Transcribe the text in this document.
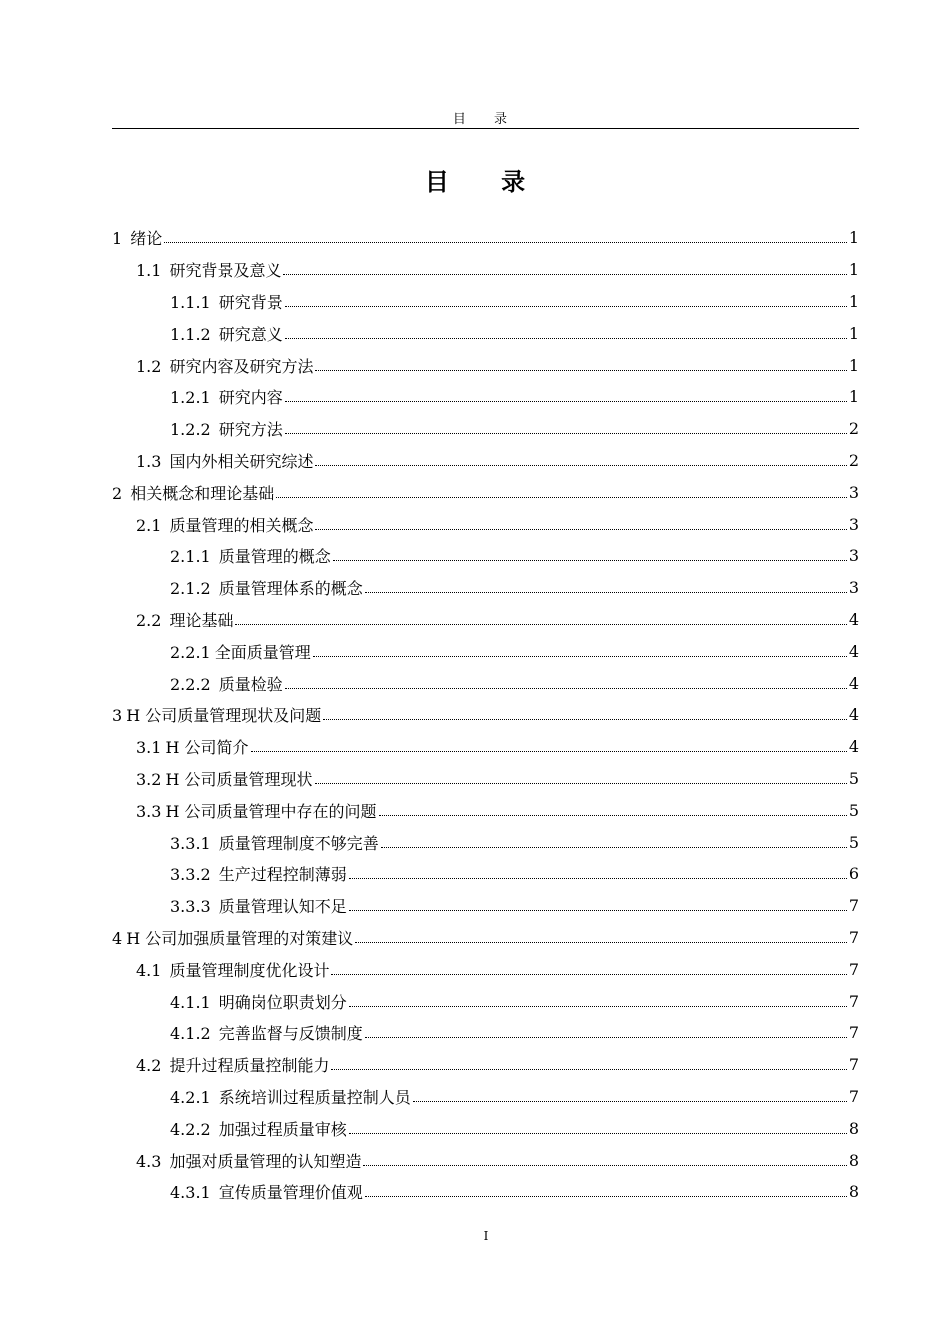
目 录
目 录
1 绪论	1
1.1 研究背景及意义	1
1.1.1 研究背景	1
1.1.2 研究意义	1
1.2 研究内容及研究方法	1
1.2.1 研究内容	1
1.2.2 研究方法	2
1.3 国内外相关研究综述	2
2 相关概念和理论基础	3
2.1 质量管理的相关概念	3
2.1.1 质量管理的概念	3
2.1.2 质量管理体系的概念	3
2.2 理论基础	4
2.2.1 全面质量管理	4
2.2.2 质量检验	4
3 H 公司质量管理现状及问题	4
3.1 H 公司简介	4
3.2 H 公司质量管理现状	5
3.3 H 公司质量管理中存在的问题	5
3.3.1 质量管理制度不够完善	5
3.3.2 生产过程控制薄弱	6
3.3.3 质量管理认知不足	7
4 H 公司加强质量管理的对策建议	7
4.1 质量管理制度优化设计	7
4.1.1 明确岗位职责划分	7
4.1.2 完善监督与反馈制度	7
4.2 提升过程质量控制能力	7
4.2.1 系统培训过程质量控制人员	7
4.2.2 加强过程质量审核	8
4.3 加强对质量管理的认知塑造	8
4.3.1 宣传质量管理价值观	8
I
